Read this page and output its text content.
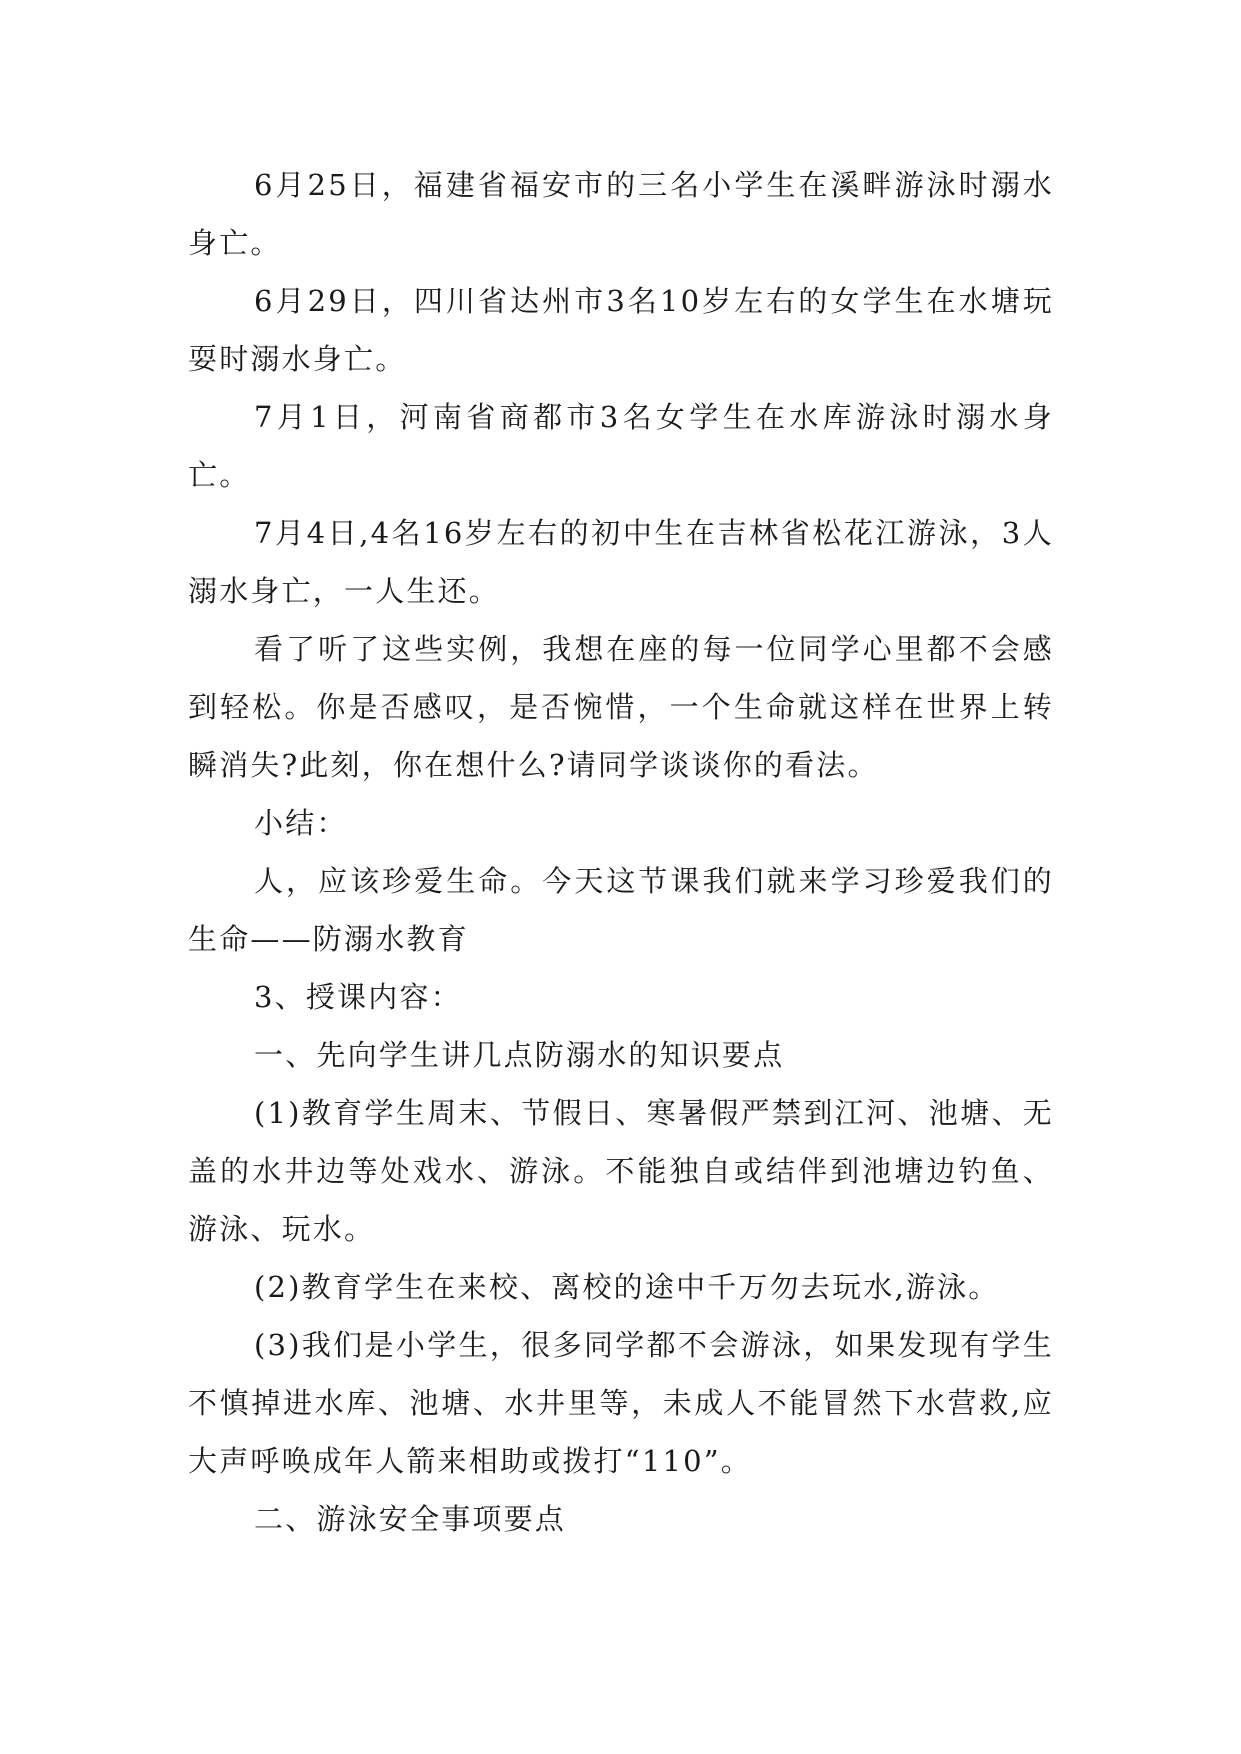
6月25日，福建省福安市的三名小学生在溪畔游泳时溺水身亡。

6月29日，四川省达州市3名10岁左右的女学生在水塘玩耍时溺水身亡。

7月1日，河南省商都市3名女学生在水库游泳时溺水身亡。

7月4日,4名16岁左右的初中生在吉林省松花江游泳，3人溺水身亡，一人生还。

看了听了这些实例，我想在座的每一位同学心里都不会感到轻松。你是否感叹，是否惋惜，一个生命就这样在世界上转瞬消失?此刻，你在想什么?请同学谈谈你的看法。

小结：

人，应该珍爱生命。今天这节课我们就来学习珍爱我们的生命——防溺水教育

3、授课内容：

一、先向学生讲几点防溺水的知识要点

(1)教育学生周末、节假日、寒暑假严禁到江河、池塘、无盖的水井边等处戏水、游泳。不能独自或结伴到池塘边钓鱼、游泳、玩水。

(2)教育学生在来校、离校的途中千万勿去玩水,游泳。

(3)我们是小学生，很多同学都不会游泳，如果发现有学生不慎掉进水库、池塘、水井里等，未成人不能冒然下水营救,应大声呼唤成年人箭来相助或拨打“110”。

二、游泳安全事项要点
